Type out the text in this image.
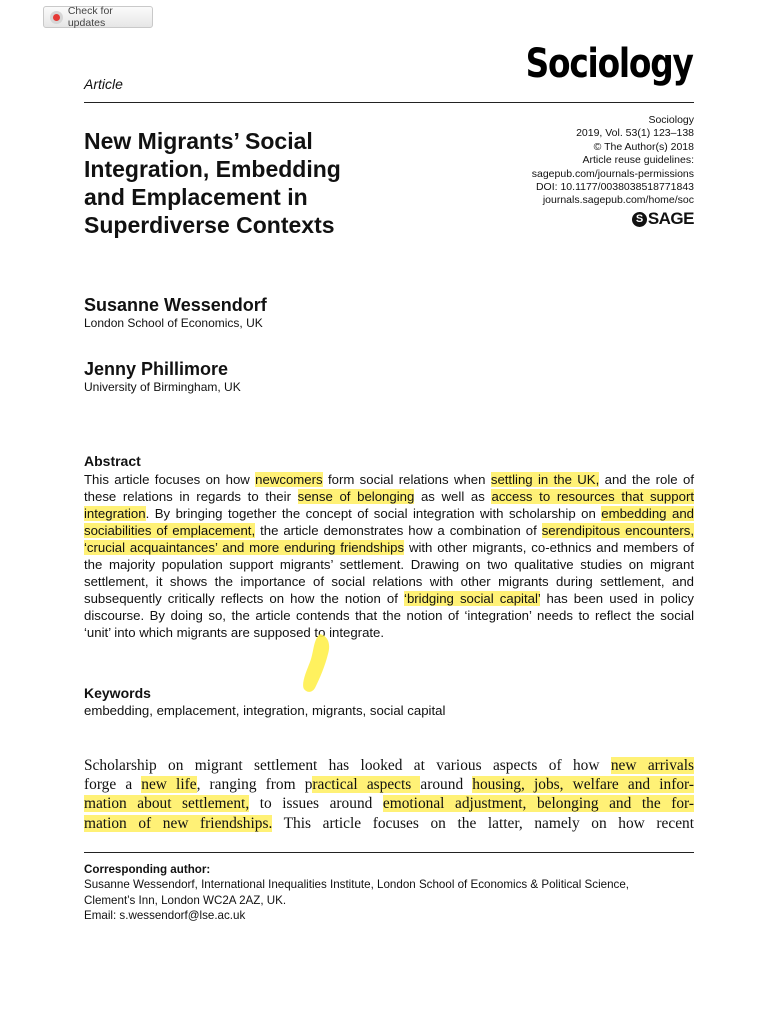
Check for updates
Article	Sociology
New Migrants’ Social
Integration, Embedding
and Emplacement in
Superdiverse Contexts
Sociology
2019, Vol. 53(1) 123–138
© The Author(s) 2018
Article reuse guidelines:
sagepub.com/journals-permissions
DOI: 10.1177/0038038518771843
journals.sagepub.com/home/soc
S SAGE
Susanne Wessendorf
London School of Economics, UK
Jenny Phillimore
University of Birmingham, UK
Abstract

This article focuses on how newcomers form social relations when settling in the UK, and the role of these relations in regards to their sense of belonging as well as access to resources that support integration. By bringing together the concept of social integration with scholarship on embedding and sociabilities of emplacement, the article demonstrates how a combination of serendipitous encounters, ‘crucial acquaintances’ and more enduring friendships with other migrants, co-ethnics and members of the majority population support migrants’ settlement. Drawing on two qualitative studies on migrant settlement, it shows the importance of social relations with other migrants during settlement, and subsequently critically reflects on how the notion of ‘bridging social capital’ has been used in policy discourse. By doing so, the article contends that the notion of ‘integration’ needs to reflect the social ‘unit’ into which migrants are supposed to integrate.

Keywords
embedding, emplacement, integration, migrants, social capital

Scholarship on migrant settlement has looked at various aspects of how new arrivals
forge a new life, ranging from practical aspects around housing, jobs, welfare and infor-
mation about settlement, to issues around emotional adjustment, belonging and the for-
mation of new friendships. This article focuses on the latter, namely on how recent

Corresponding author:
Susanne Wessendorf, International Inequalities Institute, London School of Economics & Political Science,
Clement’s Inn, London WC2A 2AZ, UK.
Email: s.wessendorf@lse.ac.uk
